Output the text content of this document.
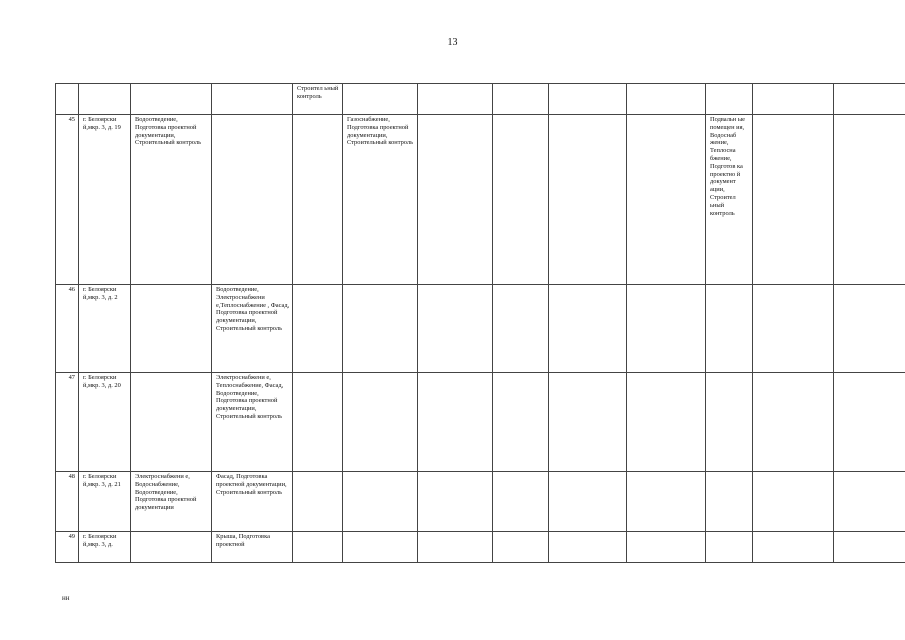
13
				Строител ьный контроль								
45	г. Белоярски й,мкр. 3, д. 19	Водоотведение, Подготовка проектной документации, Строительный контроль			Газоснабжение, Подготовка проектной документации, Строительный контроль					Подвальн ые помещен ия, Водоснаб жение, Теплосна бжение, Подготов ка проектно й документ ации, Строител ьный контроль		
46	г. Белоярски й,мкр. 3, д. 2		Водоотведение, Электроснабжени е,Теплоснабжение , Фасад, Подготовка проектной документации, Строительный контроль									
47	г. Белоярски й,мкр. 3, д. 20		Электроснабжени е, Теплоснабжение, Фасад, Водоотведение, Подготовка проектной документации, Строительный контроль									
48	г. Белоярски й,мкр. 3, д. 21	Электроснабжени е, Водоснабжение, Водоотведение, Подготовка проектной документации	Фасад, Подготовка проектной документации, Строительный контроль									
49	г. Белоярски й,мкр. 3, д.		Крыша, Подготовка проектной									
нн
